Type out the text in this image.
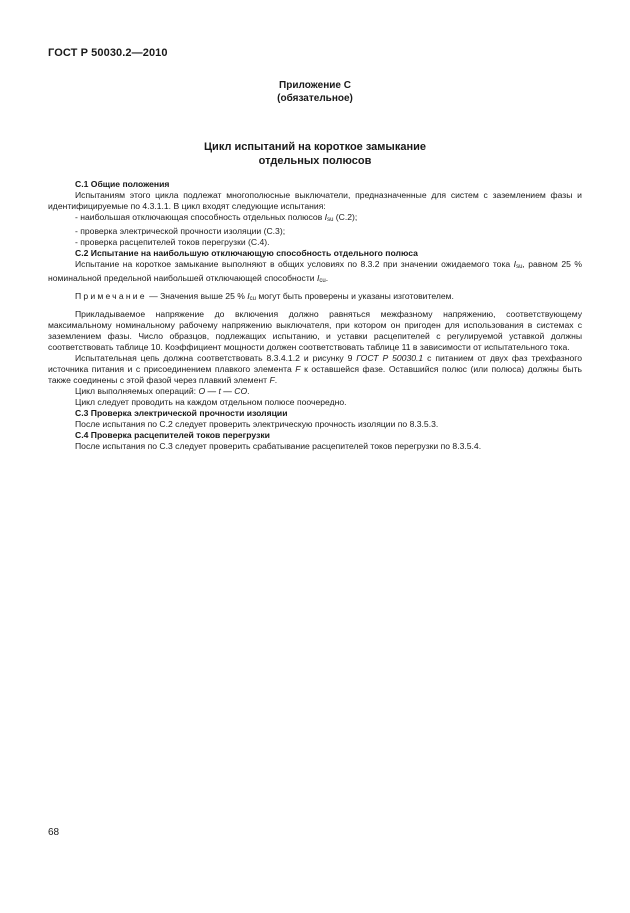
ГОСТ Р 50030.2—2010
Приложение С
(обязательное)
Цикл испытаний на короткое замыкание
отдельных полюсов

С.1 Общие положения

Испытаниям этого цикла подлежат многополюсные выключатели, предназначенные для систем с заземлением фазы и идентифицируемые по 4.3.1.1. В цикл входят следующие испытания:

- наибольшая отключающая способность отдельных полюсов $I_{su}$ (С.2);

- проверка электрической прочности изоляции (С.3);

- проверка расцепителей токов перегрузки (С.4).

С.2 Испытание на наибольшую отключающую способность отдельного полюса

Испытание на короткое замыкание выполняют в общих условиях по 8.3.2 при значении ожидаемого тока $I_{su}$, равном 25 % номинальной предельной наибольшей отключающей способности $I_{cu}$.

Примечание — Значения выше 25 % $I_{cu}$ могут быть проверены и указаны изготовителем.

Прикладываемое напряжение до включения должно равняться межфазному напряжению, соответствующему максимальному номинальному рабочему напряжению выключателя, при котором он пригоден для использования в системах с заземлением фазы. Число образцов, подлежащих испытанию, и уставки расцепителей с регулируемой уставкой должны соответствовать таблице 10. Коэффициент мощности должен соответствовать таблице 11 в зависимости от испытательного тока.

Испытательная цепь должна соответствовать 8.3.4.1.2 и рисунку 9 ГОСТ Р 50030.1 с питанием от двух фаз трехфазного источника питания и с присоединением плавкого элемента F к оставшейся фазе. Оставшийся полюс (или полюса) должны быть также соединены с этой фазой через плавкий элемент F.

Цикл выполняемых операций: O — t — CO.

Цикл следует проводить на каждом отдельном полюсе поочередно.

С.3 Проверка электрической прочности изоляции

После испытания по С.2 следует проверить электрическую прочность изоляции по 8.3.5.3.

С.4 Проверка расцепителей токов перегрузки

После испытания по С.3 следует проверить срабатывание расцепителей токов перегрузки по 8.3.5.4.

68
